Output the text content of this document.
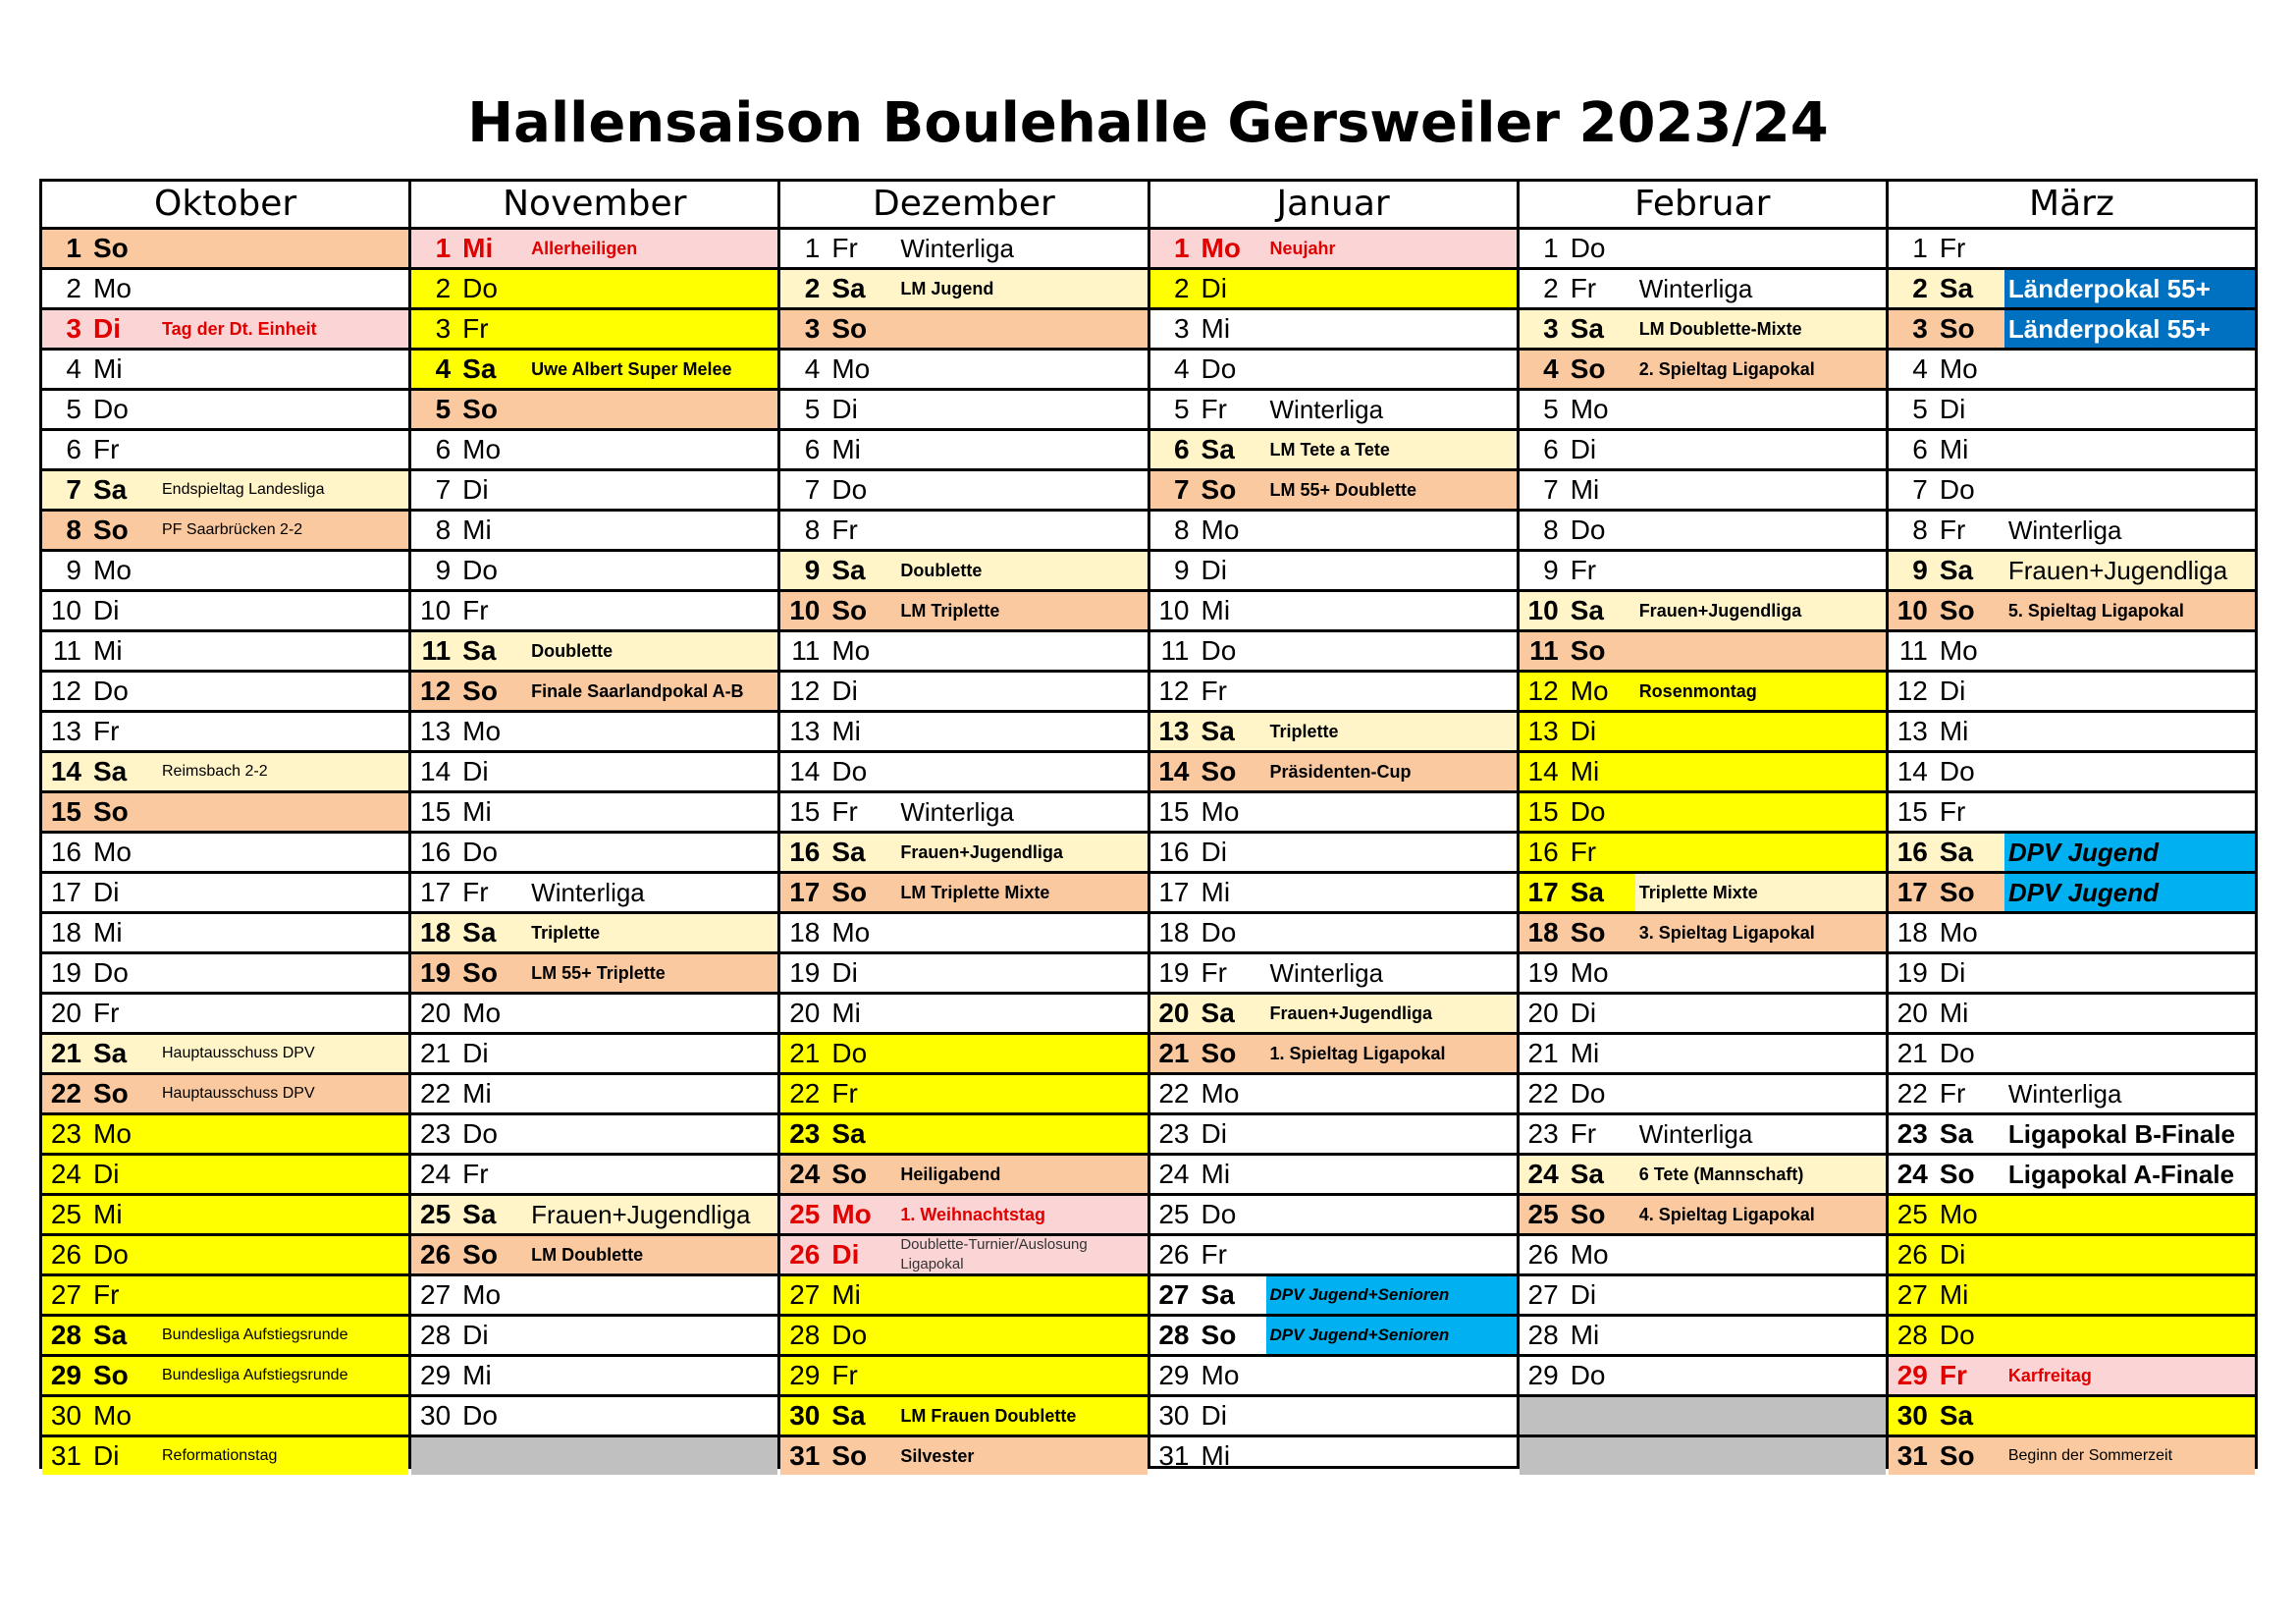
Hallensaison Boulehalle Gersweiler 2023/24
Oktober
1 So
2 Mo
3 Di	Tag der Dt. Einheit
4 Mi
5 Do
6 Fr
7 Sa	Endspieltag Landesliga
8 So	PF Saarbrücken 2-2
9 Mo
10 Di
11 Mi
12 Do
13 Fr
14 Sa	Reimsbach 2-2
15 So
16 Mo
17 Di
18 Mi
19 Do
20 Fr
21 Sa	Hauptausschuss DPV
22 So	Hauptausschuss DPV
23 Mo
24 Di
25 Mi
26 Do
27 Fr
28 Sa	Bundesliga Aufstiegsrunde
29 So	Bundesliga Aufstiegsrunde
30 Mo
31 Di	Reformationstag
November
1 Mi	Allerheiligen
2 Do
3 Fr
4 Sa	Uwe Albert Super Melee
5 So
6 Mo
7 Di
8 Mi
9 Do
10 Fr
11 Sa	Doublette
12 So	Finale Saarlandpokal A-B
13 Mo
14 Di
15 Mi
16 Do
17 Fr	Winterliga
18 Sa	Triplette
19 So	LM 55+ Triplette
20 Mo
21 Di
22 Mi
23 Do
24 Fr
25 Sa	Frauen+Jugendliga
26 So	LM Doublette
27 Mo
28 Di
29 Mi
30 Do
Dezember
1 Fr	Winterliga
2 Sa	LM Jugend
3 So
4 Mo
5 Di
6 Mi
7 Do
8 Fr
9 Sa	Doublette
10 So	LM Triplette
11 Mo
12 Di
13 Mi
14 Do
15 Fr	Winterliga
16 Sa	Frauen+Jugendliga
17 So	LM Triplette Mixte
18 Mo
19 Di
20 Mi
21 Do
22 Fr
23 Sa
24 So	Heiligabend
25 Mo	1. Weihnachtstag
26 Di	Doublette-Turnier/Auslosung Ligapokal
27 Mi
28 Do
29 Fr
30 Sa	LM Frauen Doublette
31 So	Silvester
Januar
1 Mo	Neujahr
2 Di
3 Mi
4 Do
5 Fr	Winterliga
6 Sa	LM Tete a Tete
7 So	LM 55+ Doublette
8 Mo
9 Di
10 Mi
11 Do
12 Fr
13 Sa	Triplette
14 So	Präsidenten-Cup
15 Mo
16 Di
17 Mi
18 Do
19 Fr	Winterliga
20 Sa	Frauen+Jugendliga
21 So	1. Spieltag Ligapokal
22 Mo
23 Di
24 Mi
25 Do
26 Fr
27 Sa	DPV Jugend+Senioren
28 So	DPV Jugend+Senioren
29 Mo
30 Di
31 Mi
Februar
1 Do
2 Fr	Winterliga
3 Sa	LM Doublette-Mixte
4 So	2. Spieltag Ligapokal
5 Mo
6 Di
7 Mi
8 Do
9 Fr
10 Sa	Frauen+Jugendliga
11 So
12 Mo	Rosenmontag
13 Di
14 Mi
15 Do
16 Fr
17 Sa	Triplette Mixte
18 So	3. Spieltag Ligapokal
19 Mo
20 Di
21 Mi
22 Do
23 Fr	Winterliga
24 Sa	6 Tete (Mannschaft)
25 So	4. Spieltag Ligapokal
26 Mo
27 Di
28 Mi
29 Do
März
1 Fr
2 Sa	Länderpokal 55+
3 So	Länderpokal 55+
4 Mo
5 Di
6 Mi
7 Do
8 Fr	Winterliga
9 Sa	Frauen+Jugendliga
10 So	5. Spieltag Ligapokal
11 Mo
12 Di
13 Mi
14 Do
15 Fr
16 Sa	DPV Jugend
17 So	DPV Jugend
18 Mo
19 Di
20 Mi
21 Do
22 Fr	Winterliga
23 Sa	Ligapokal B-Finale
24 So	Ligapokal A-Finale
25 Mo
26 Di
27 Mi
28 Do
29 Fr	Karfreitag
30 Sa
31 So	Beginn der Sommerzeit
